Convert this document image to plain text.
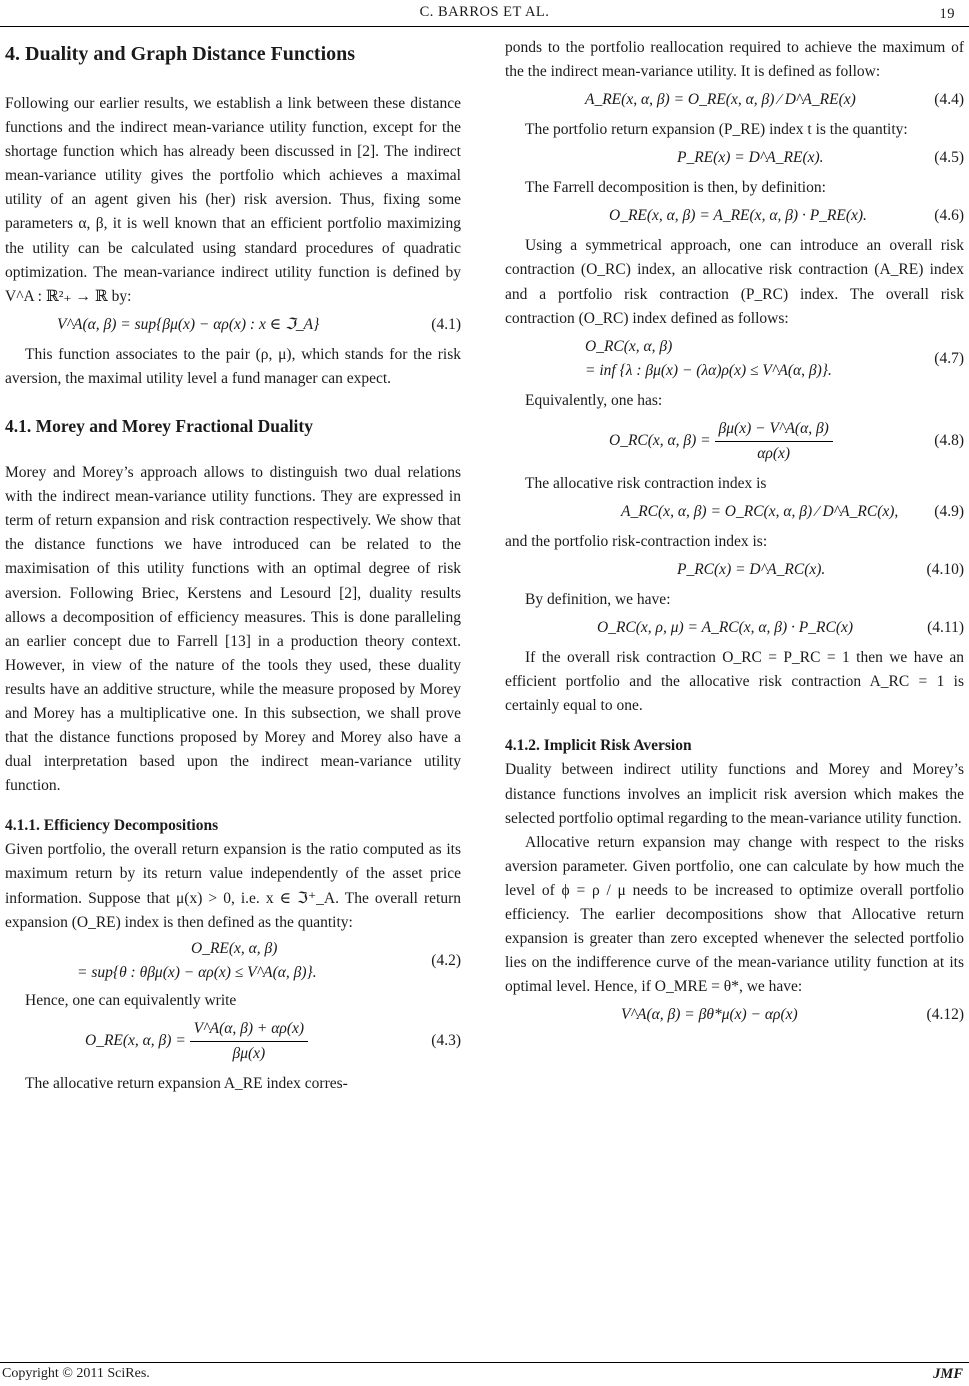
C. BARROS ET AL.	19
4. Duality and Graph Distance Functions

Following our earlier results, we establish a link between these distance functions and the indirect mean-variance utility function, except for the shortage function which has already been discussed in [2]. The indirect mean-variance utility gives the portfolio which achieves a maximal utility of an agent given his (her) risk aversion. Thus, fixing some parameters α, β, it is well known that an efficient portfolio maximizing the utility can be calculated using standard procedures of quadratic optimization. The mean-variance indirect utility function is defined by V^A : ℝ²₊ → ℝ by:

V^A(α, β) = sup{βμ(x) − αρ(x) : x ∈ ℑ_A}	(4.1)

This function associates to the pair (ρ, μ), which stands for the risk aversion, the maximal utility level a fund manager can expect.

4.1. Morey and Morey Fractional Duality

Morey and Morey’s approach allows to distinguish two dual relations with the indirect mean-variance utility functions. They are expressed in term of return expansion and risk contraction respectively. We show that the distance functions we have introduced can be related to the maximisation of this utility functions with an optimal degree of risk aversion. Following Briec, Kerstens and Lesourd [2], duality results allows a decomposition of efficiency measures. This is done paralleling an earlier concept due to Farrell [13] in a production theory context. However, in view of the nature of the tools they used, these duality results have an additive structure, while the measure proposed by Morey and Morey has a multiplicative one. In this subsection, we shall prove that the distance functions proposed by Morey and Morey also have a dual interpretation based upon the indirect mean-variance utility function.

4.1.1. Efficiency Decompositions

Given portfolio, the overall return expansion is the ratio computed as its maximum return by its return value independently of the asset price information. Suppose that μ(x) > 0, i.e. x ∈ ℑ⁺_A. The overall return expansion (O_RE) index is then defined as the quantity:

O_RE(x, α, β)
= sup{θ : θβμ(x) − αρ(x) ≤ V^A(α, β)}.
(4.2)

Hence, one can equivalently write

O_RE(x, α, $\beta) = \frac{V\^{}A(\alpha, \beta) + \alpha\rho(x)}{\beta\mu(x)}$	(4.3)

The allocative return expansion A_RE index corres-

ponds to the portfolio reallocation required to achieve the maximum of the the indirect mean-variance utility. It is defined as follow:

A_RE(x, α, β) = O_RE(x, α, β) ∕ D^A_RE(x)	(4.4)

The portfolio return expansion (P_RE) index t is the quantity:

P_RE(x) = D^A_RE(x).	(4.5)

The Farrell decomposition is then, by definition:

O_RE(x, α, β) = A_RE(x, α, β) · P_RE(x).	(4.6)

Using a symmetrical approach, one can introduce an overall risk contraction (O_RC) index, an allocative risk contraction (A_RE) index and a portfolio risk contraction (P_RC) index. The overall risk contraction (O_RC) index defined as follows:

O_RC(x, α, β)
= inf {λ : βμ(x) − (λα)ρ(x) ≤ V^A(α, β)}.
(4.7)

Equivalently, one has:

O_RC(x, α, $\beta) = \frac{\beta\mu(x) - V\^{}A(\alpha, \beta)}{\alpha\rho(x)}$	(4.8)

The allocative risk contraction index is

A_RC(x, α, β) = O_RC(x, α, β) ∕ D^A_RC(x), (4.9)

and the portfolio risk-contraction index is:

P_RC(x) = D^A_RC(x).	(4.10)

By definition, we have:

O_RC(x, ρ, μ) = A_RC(x, α, β) · P_RC(x)	(4.11)

If the overall risk contraction O_RC = P_RC = 1 then we have an efficient portfolio and the allocative risk contraction A_RC = 1 is certainly equal to one.

4.1.2. Implicit Risk Aversion

Duality between indirect utility functions and Morey and Morey’s distance functions involves an implicit risk aversion which makes the selected portfolio optimal regarding to the mean-variance utility function.

Allocative return expansion may change with respect to the risks aversion parameter. Given portfolio, one can calculate by how much the level of ϕ = ρ / μ needs to be increased to optimize overall portfolio efficiency. The earlier decompositions show that Allocative return expansion is greater than zero excepted whenever the selected portfolio lies on the indifference curve of the mean-variance utility function at its optimal level. Hence, if O_MRE = θ*, we have:

V^A(α, β) = βθ*μ(x) − αρ(x)	(4.12)
Copyright © 2011 SciRes.	JMF
